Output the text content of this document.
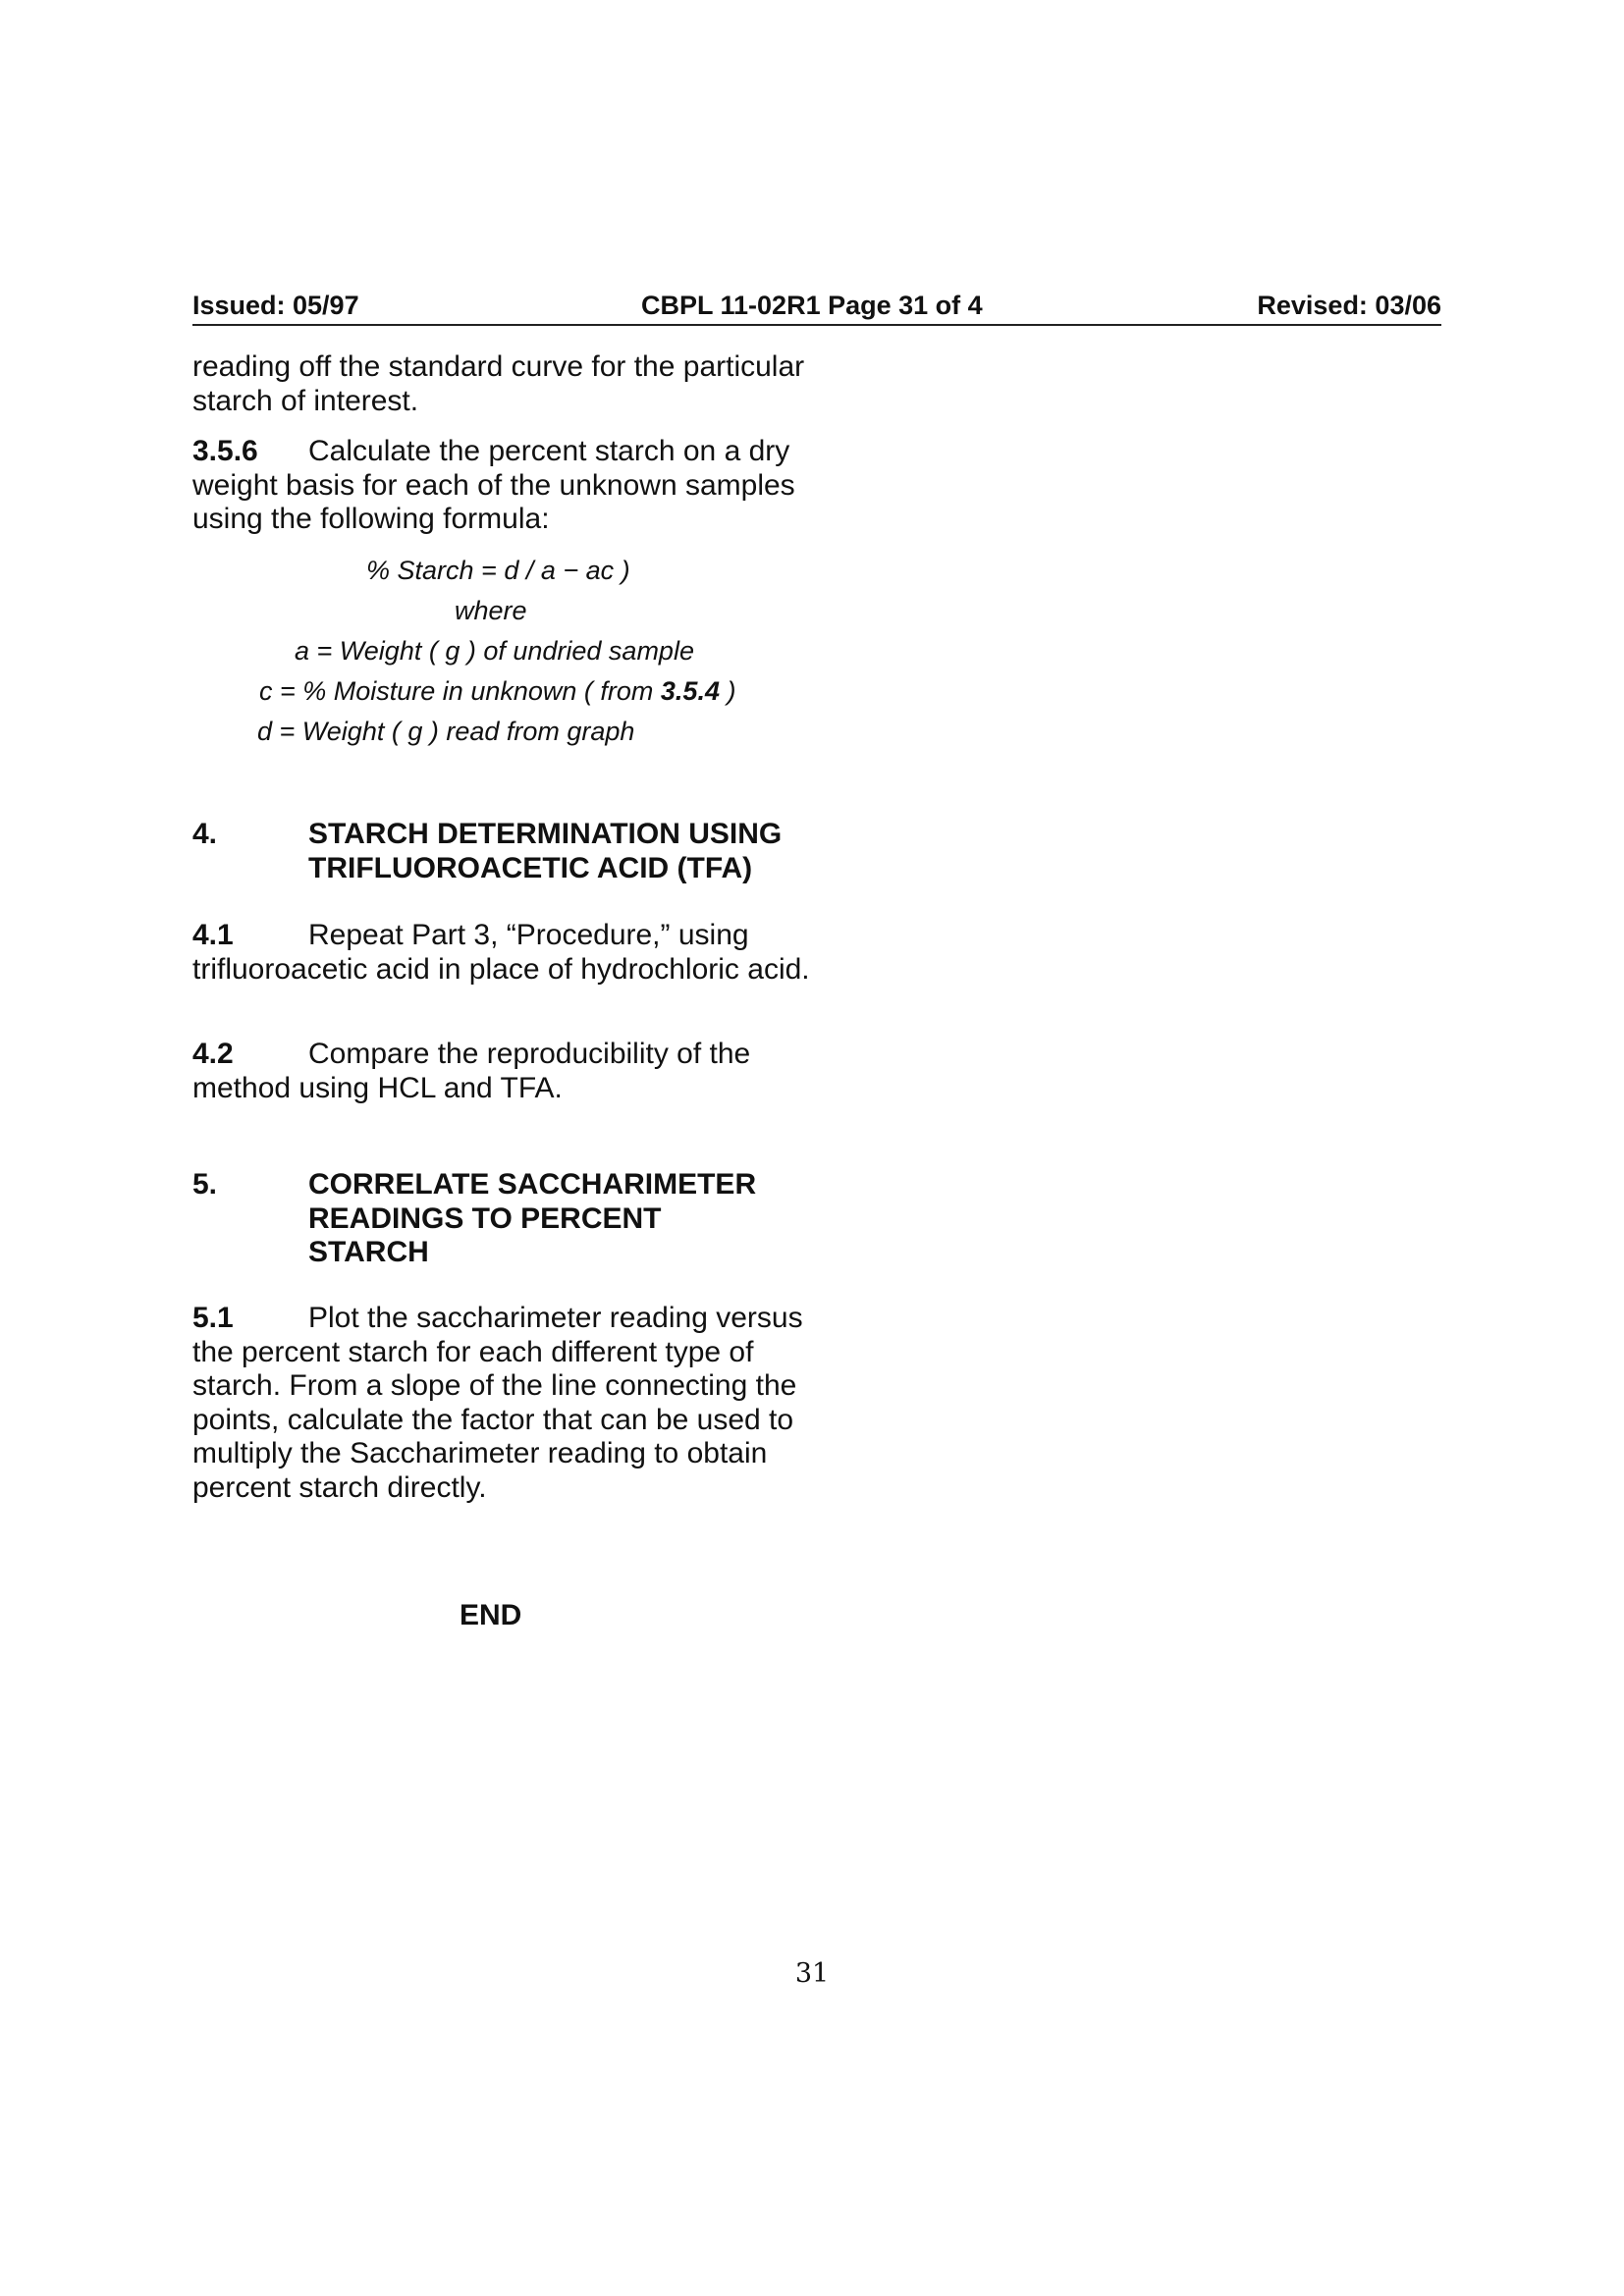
Issued: 05/97	CBPL 11-02R1 Page 31 of 4	Revised: 03/06

reading off the standard curve for the particular starch of interest.

3.5.6 Calculate the percent starch on a dry weight basis for each of the unknown samples using the following formula:

% Starch = d / a − ac )
where
a = Weight ( g ) of undried sample
c = % Moisture in unknown ( from 3.5.4 )
d = Weight ( g ) read from graph
4.	STARCH DETERMINATION USING TRIFLUOROACETIC ACID (TFA)

4.1	Repeat Part 3, “Procedure,” using trifluoroacetic acid in place of hydrochloric acid.

4.2	Compare the reproducibility of the method using HCL and TFA.

5.	CORRELATE SACCHARIMETER READINGS TO PERCENT STARCH

5.1	Plot the saccharimeter reading versus the percent starch for each different type of starch. From a slope of the line connecting the points, calculate the factor that can be used to multiply the Saccharimeter reading to obtain percent starch directly.

END
31
